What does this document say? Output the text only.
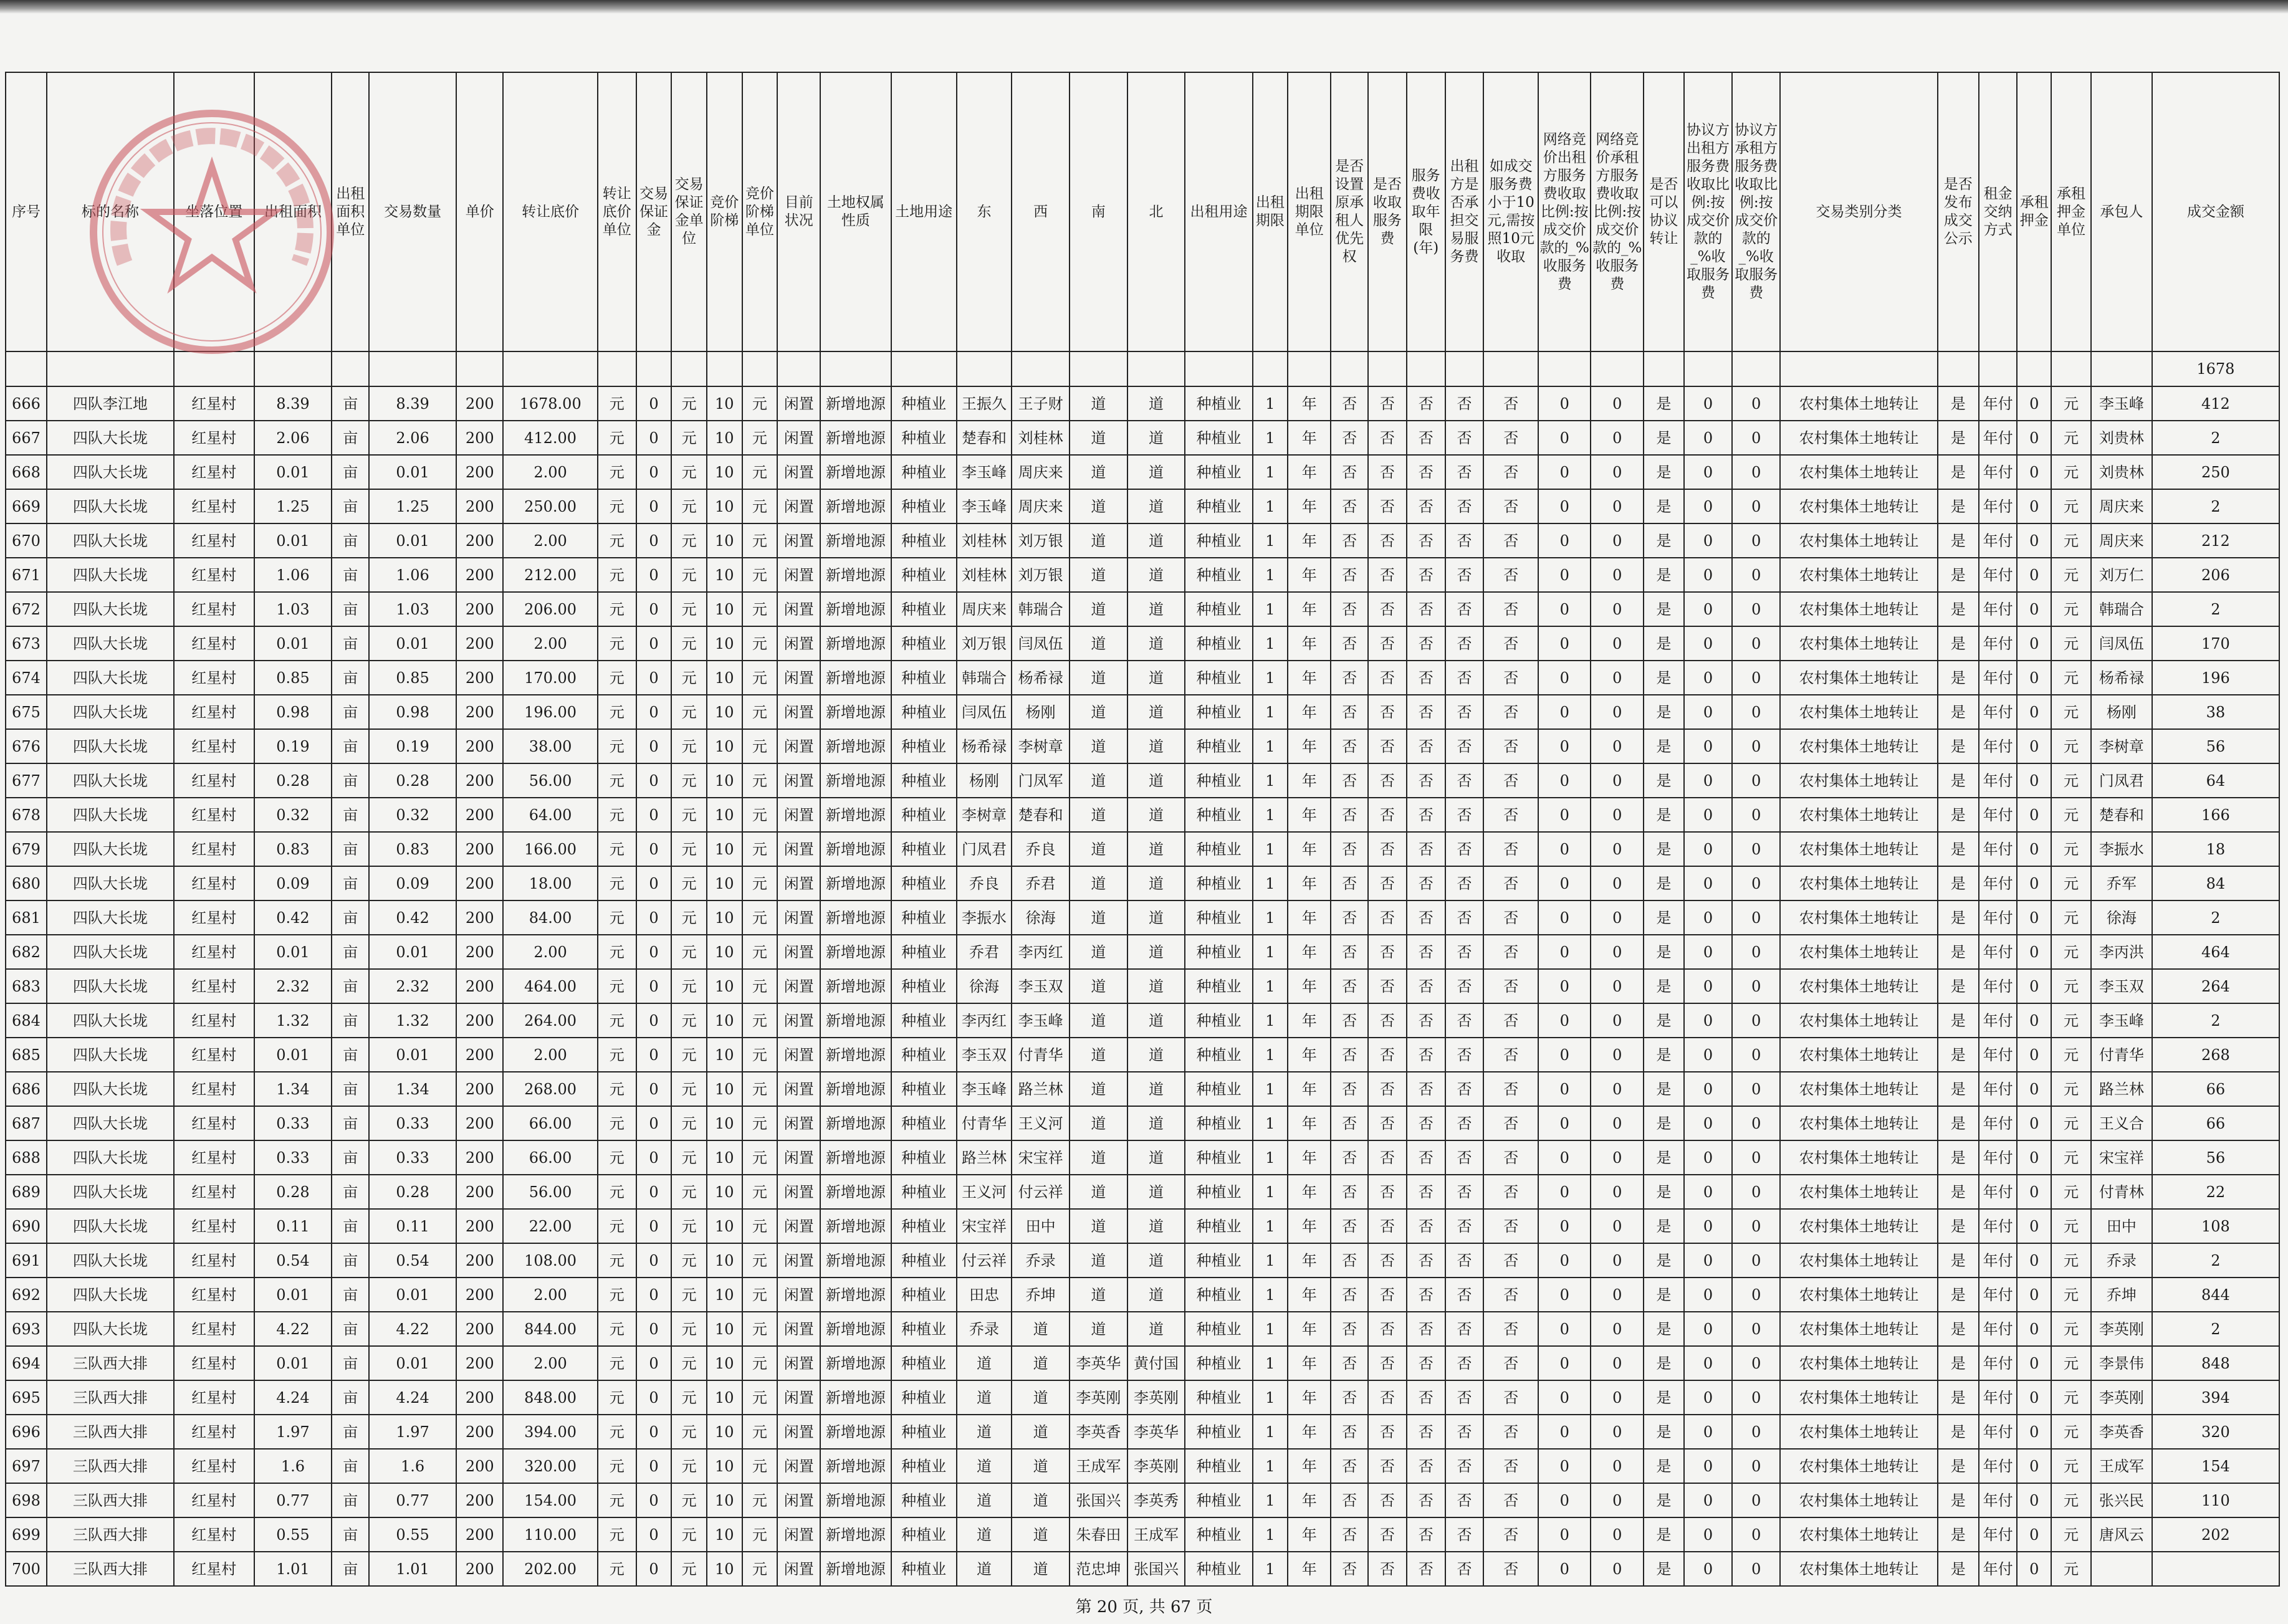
序号	标的名称	坐落位置	出租面积	出租面积单位	交易数量	单价	转让底价	转让底价单位	交易保证金	交易保证金单位	竞价阶梯	竞价阶梯单位	目前状况	土地权属性质	土地用途	东	西	南	北	出租用途	出租期限	出租期限单位	是否设置原承租人优先权	是否收取服务费	服务费收取年限(年)	出租方是否承担交易服务费	如成交服务费小于10元,需按照10元收取	网络竞价出租方服务费收取比例:按成交价款的_%收服务费	网络竞价承租方服务费收取比例:按成交价款的_%收服务费	是否可以协议转让	协议方出租方服务费收取比例:按成交价款的_%收取服务费	协议方承租方服务费收取比例:按成交价款的_%收取服务费	交易类别分类	是否发布成交公示	租金交纳方式	承租押金	承租押金单位	承包人	成交金额
																																							1678
666	四队李江地	红星村	8.39	亩	8.39	200	1678.00	元	0	元	10	元	闲置	新增地源	种植业	王振久	王子财	道	道	种植业	1	年	否	否	否	否	否	0	0	是	0	0	农村集体土地转让	是	年付	0	元	李玉峰	412
667	四队大长垅	红星村	2.06	亩	2.06	200	412.00	元	0	元	10	元	闲置	新增地源	种植业	楚春和	刘桂林	道	道	种植业	1	年	否	否	否	否	否	0	0	是	0	0	农村集体土地转让	是	年付	0	元	刘贵林	2
668	四队大长垅	红星村	0.01	亩	0.01	200	2.00	元	0	元	10	元	闲置	新增地源	种植业	李玉峰	周庆来	道	道	种植业	1	年	否	否	否	否	否	0	0	是	0	0	农村集体土地转让	是	年付	0	元	刘贵林	250
669	四队大长垅	红星村	1.25	亩	1.25	200	250.00	元	0	元	10	元	闲置	新增地源	种植业	李玉峰	周庆来	道	道	种植业	1	年	否	否	否	否	否	0	0	是	0	0	农村集体土地转让	是	年付	0	元	周庆来	2
670	四队大长垅	红星村	0.01	亩	0.01	200	2.00	元	0	元	10	元	闲置	新增地源	种植业	刘桂林	刘万银	道	道	种植业	1	年	否	否	否	否	否	0	0	是	0	0	农村集体土地转让	是	年付	0	元	周庆来	212
671	四队大长垅	红星村	1.06	亩	1.06	200	212.00	元	0	元	10	元	闲置	新增地源	种植业	刘桂林	刘万银	道	道	种植业	1	年	否	否	否	否	否	0	0	是	0	0	农村集体土地转让	是	年付	0	元	刘万仁	206
672	四队大长垅	红星村	1.03	亩	1.03	200	206.00	元	0	元	10	元	闲置	新增地源	种植业	周庆来	韩瑞合	道	道	种植业	1	年	否	否	否	否	否	0	0	是	0	0	农村集体土地转让	是	年付	0	元	韩瑞合	2
673	四队大长垅	红星村	0.01	亩	0.01	200	2.00	元	0	元	10	元	闲置	新增地源	种植业	刘万银	闫凤伍	道	道	种植业	1	年	否	否	否	否	否	0	0	是	0	0	农村集体土地转让	是	年付	0	元	闫凤伍	170
674	四队大长垅	红星村	0.85	亩	0.85	200	170.00	元	0	元	10	元	闲置	新增地源	种植业	韩瑞合	杨希禄	道	道	种植业	1	年	否	否	否	否	否	0	0	是	0	0	农村集体土地转让	是	年付	0	元	杨希禄	196
675	四队大长垅	红星村	0.98	亩	0.98	200	196.00	元	0	元	10	元	闲置	新增地源	种植业	闫凤伍	杨刚	道	道	种植业	1	年	否	否	否	否	否	0	0	是	0	0	农村集体土地转让	是	年付	0	元	杨刚	38
676	四队大长垅	红星村	0.19	亩	0.19	200	38.00	元	0	元	10	元	闲置	新增地源	种植业	杨希禄	李树章	道	道	种植业	1	年	否	否	否	否	否	0	0	是	0	0	农村集体土地转让	是	年付	0	元	李树章	56
677	四队大长垅	红星村	0.28	亩	0.28	200	56.00	元	0	元	10	元	闲置	新增地源	种植业	杨刚	门凤军	道	道	种植业	1	年	否	否	否	否	否	0	0	是	0	0	农村集体土地转让	是	年付	0	元	门凤君	64
678	四队大长垅	红星村	0.32	亩	0.32	200	64.00	元	0	元	10	元	闲置	新增地源	种植业	李树章	楚春和	道	道	种植业	1	年	否	否	否	否	否	0	0	是	0	0	农村集体土地转让	是	年付	0	元	楚春和	166
679	四队大长垅	红星村	0.83	亩	0.83	200	166.00	元	0	元	10	元	闲置	新增地源	种植业	门凤君	乔良	道	道	种植业	1	年	否	否	否	否	否	0	0	是	0	0	农村集体土地转让	是	年付	0	元	李振水	18
680	四队大长垅	红星村	0.09	亩	0.09	200	18.00	元	0	元	10	元	闲置	新增地源	种植业	乔良	乔君	道	道	种植业	1	年	否	否	否	否	否	0	0	是	0	0	农村集体土地转让	是	年付	0	元	乔军	84
681	四队大长垅	红星村	0.42	亩	0.42	200	84.00	元	0	元	10	元	闲置	新增地源	种植业	李振水	徐海	道	道	种植业	1	年	否	否	否	否	否	0	0	是	0	0	农村集体土地转让	是	年付	0	元	徐海	2
682	四队大长垅	红星村	0.01	亩	0.01	200	2.00	元	0	元	10	元	闲置	新增地源	种植业	乔君	李丙红	道	道	种植业	1	年	否	否	否	否	否	0	0	是	0	0	农村集体土地转让	是	年付	0	元	李丙洪	464
683	四队大长垅	红星村	2.32	亩	2.32	200	464.00	元	0	元	10	元	闲置	新增地源	种植业	徐海	李玉双	道	道	种植业	1	年	否	否	否	否	否	0	0	是	0	0	农村集体土地转让	是	年付	0	元	李玉双	264
684	四队大长垅	红星村	1.32	亩	1.32	200	264.00	元	0	元	10	元	闲置	新增地源	种植业	李丙红	李玉峰	道	道	种植业	1	年	否	否	否	否	否	0	0	是	0	0	农村集体土地转让	是	年付	0	元	李玉峰	2
685	四队大长垅	红星村	0.01	亩	0.01	200	2.00	元	0	元	10	元	闲置	新增地源	种植业	李玉双	付青华	道	道	种植业	1	年	否	否	否	否	否	0	0	是	0	0	农村集体土地转让	是	年付	0	元	付青华	268
686	四队大长垅	红星村	1.34	亩	1.34	200	268.00	元	0	元	10	元	闲置	新增地源	种植业	李玉峰	路兰林	道	道	种植业	1	年	否	否	否	否	否	0	0	是	0	0	农村集体土地转让	是	年付	0	元	路兰林	66
687	四队大长垅	红星村	0.33	亩	0.33	200	66.00	元	0	元	10	元	闲置	新增地源	种植业	付青华	王义河	道	道	种植业	1	年	否	否	否	否	否	0	0	是	0	0	农村集体土地转让	是	年付	0	元	王义合	66
688	四队大长垅	红星村	0.33	亩	0.33	200	66.00	元	0	元	10	元	闲置	新增地源	种植业	路兰林	宋宝祥	道	道	种植业	1	年	否	否	否	否	否	0	0	是	0	0	农村集体土地转让	是	年付	0	元	宋宝祥	56
689	四队大长垅	红星村	0.28	亩	0.28	200	56.00	元	0	元	10	元	闲置	新增地源	种植业	王义河	付云祥	道	道	种植业	1	年	否	否	否	否	否	0	0	是	0	0	农村集体土地转让	是	年付	0	元	付青林	22
690	四队大长垅	红星村	0.11	亩	0.11	200	22.00	元	0	元	10	元	闲置	新增地源	种植业	宋宝祥	田中	道	道	种植业	1	年	否	否	否	否	否	0	0	是	0	0	农村集体土地转让	是	年付	0	元	田中	108
691	四队大长垅	红星村	0.54	亩	0.54	200	108.00	元	0	元	10	元	闲置	新增地源	种植业	付云祥	乔录	道	道	种植业	1	年	否	否	否	否	否	0	0	是	0	0	农村集体土地转让	是	年付	0	元	乔录	2
692	四队大长垅	红星村	0.01	亩	0.01	200	2.00	元	0	元	10	元	闲置	新增地源	种植业	田忠	乔坤	道	道	种植业	1	年	否	否	否	否	否	0	0	是	0	0	农村集体土地转让	是	年付	0	元	乔坤	844
693	四队大长垅	红星村	4.22	亩	4.22	200	844.00	元	0	元	10	元	闲置	新增地源	种植业	乔录	道	道	道	种植业	1	年	否	否	否	否	否	0	0	是	0	0	农村集体土地转让	是	年付	0	元	李英刚	2
694	三队西大排	红星村	0.01	亩	0.01	200	2.00	元	0	元	10	元	闲置	新增地源	种植业	道	道	李英华	黄付国	种植业	1	年	否	否	否	否	否	0	0	是	0	0	农村集体土地转让	是	年付	0	元	李景伟	848
695	三队西大排	红星村	4.24	亩	4.24	200	848.00	元	0	元	10	元	闲置	新增地源	种植业	道	道	李英刚	李英刚	种植业	1	年	否	否	否	否	否	0	0	是	0	0	农村集体土地转让	是	年付	0	元	李英刚	394
696	三队西大排	红星村	1.97	亩	1.97	200	394.00	元	0	元	10	元	闲置	新增地源	种植业	道	道	李英香	李英华	种植业	1	年	否	否	否	否	否	0	0	是	0	0	农村集体土地转让	是	年付	0	元	李英香	320
697	三队西大排	红星村	1.6	亩	1.6	200	320.00	元	0	元	10	元	闲置	新增地源	种植业	道	道	王成军	李英刚	种植业	1	年	否	否	否	否	否	0	0	是	0	0	农村集体土地转让	是	年付	0	元	王成军	154
698	三队西大排	红星村	0.77	亩	0.77	200	154.00	元	0	元	10	元	闲置	新增地源	种植业	道	道	张国兴	李英秀	种植业	1	年	否	否	否	否	否	0	0	是	0	0	农村集体土地转让	是	年付	0	元	张兴民	110
699	三队西大排	红星村	0.55	亩	0.55	200	110.00	元	0	元	10	元	闲置	新增地源	种植业	道	道	朱春田	王成军	种植业	1	年	否	否	否	否	否	0	0	是	0	0	农村集体土地转让	是	年付	0	元	唐风云	202
700	三队西大排	红星村	1.01	亩	1.01	200	202.00	元	0	元	10	元	闲置	新增地源	种植业	道	道	范忠坤	张国兴	种植业	1	年	否	否	否	否	否	0	0	是	0	0	农村集体土地转让	是	年付	0	元		
第 20 页, 共 67 页
